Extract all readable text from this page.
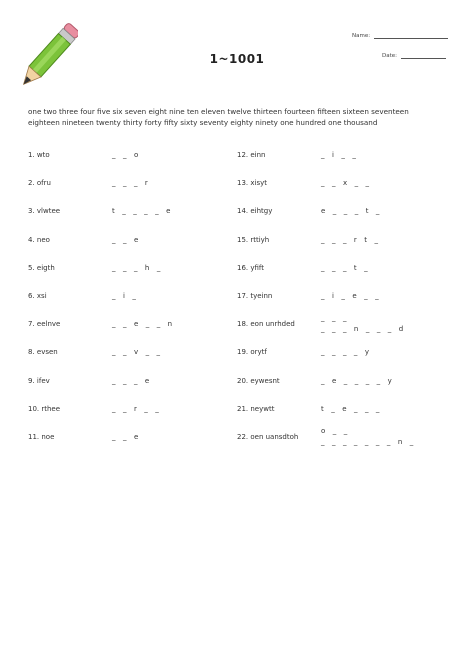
1~1001
Name:
Date:
one two three four five six seven eight nine ten eleven twelve thirteen fourteen fifteen sixteen seventeen
eighteen nineteen twenty thirty forty fifty sixty seventy eighty ninety one hundred one thousand
1. wto	_   _   o
2. ofru	_   _   _   r
3. vlwtee	t   _   _   _   _   e
4. neo	_   _   e
5. eigth	_   _   _   h   _
6. xsi	_   i   _
7. eelnve	_   _   e   _   _   n
8. evsen	_   _   v   _   _
9. ifev	_   _   _   e
10. rthee	_   _   r   _   _
11. noe	_   _   e
12. einn	_   i   _   _
13. xisyt	_   _   x   _   _
14. eihtgy	e   _   _   _   t   _
15. rttiyh	_   _   _   r   t   _
16. yfift	_   _   _   t   _
17. tyeinn	_   i   _   e   _   _
18. eon unrhded
_   _   _
_   _   _   n   _   _   _   d
19. orytf	_   _   _   _   y
20. eywesnt	_   e   _   _   _   _   y
21. neywtt	t   _   e   _   _   _
22. oen uansdtoh
o   _   _
_   _   _   _   _   _   _   n   _
